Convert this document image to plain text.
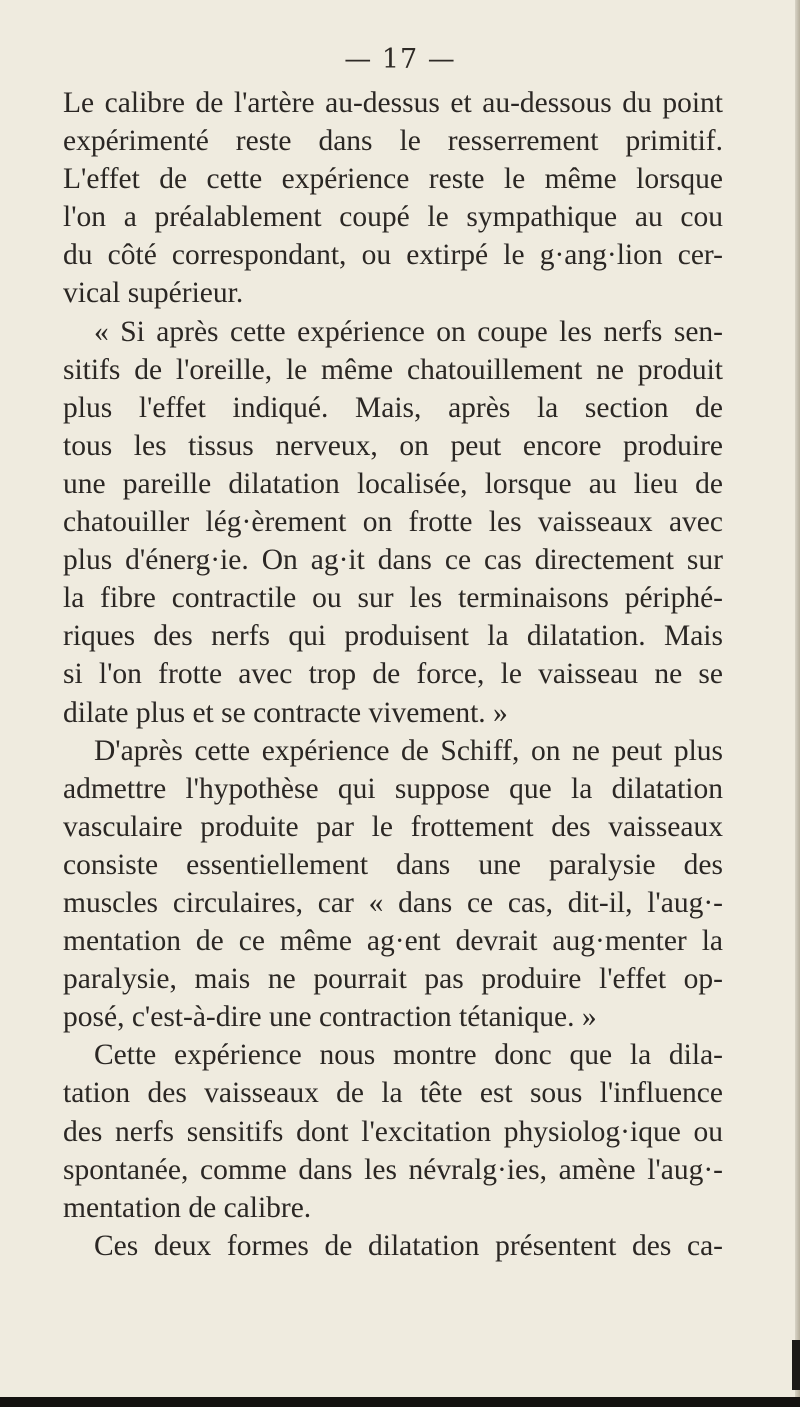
— 17 —
Le calibre de l'artère au-dessus et au-dessous du point
expérimenté reste dans le resserrement primitif.
L'effet de cette expérience reste le même lorsque
l'on a préalablement coupé le sympathique au cou
du côté correspondant, ou extirpé le g·ang·lion cer-
vical supérieur.
« Si après cette expérience on coupe les nerfs sen-
sitifs de l'oreille, le même chatouillement ne produit
plus l'effet indiqué. Mais, après la section de
tous les tissus nerveux, on peut encore produire
une pareille dilatation localisée, lorsque au lieu de
chatouiller lég·èrement on frotte les vaisseaux avec
plus d'énerg·ie. On ag·it dans ce cas directement sur
la fibre contractile ou sur les terminaisons périphé-
riques des nerfs qui produisent la dilatation. Mais
si l'on frotte avec trop de force, le vaisseau ne se
dilate plus et se contracte vivement. »
D'après cette expérience de Schiff, on ne peut plus
admettre l'hypothèse qui suppose que la dilatation
vasculaire produite par le frottement des vaisseaux
consiste essentiellement dans une paralysie des
muscles circulaires, car « dans ce cas, dit-il, l'aug·-
mentation de ce même ag·ent devrait aug·menter la
paralysie, mais ne pourrait pas produire l'effet op-
posé, c'est-à-dire une contraction tétanique. »
Cette expérience nous montre donc que la dila-
tation des vaisseaux de la tête est sous l'influence
des nerfs sensitifs dont l'excitation physiolog·ique ou
spontanée, comme dans les névralg·ies, amène l'aug·-
mentation de calibre.
Ces deux formes de dilatation présentent des ca-
